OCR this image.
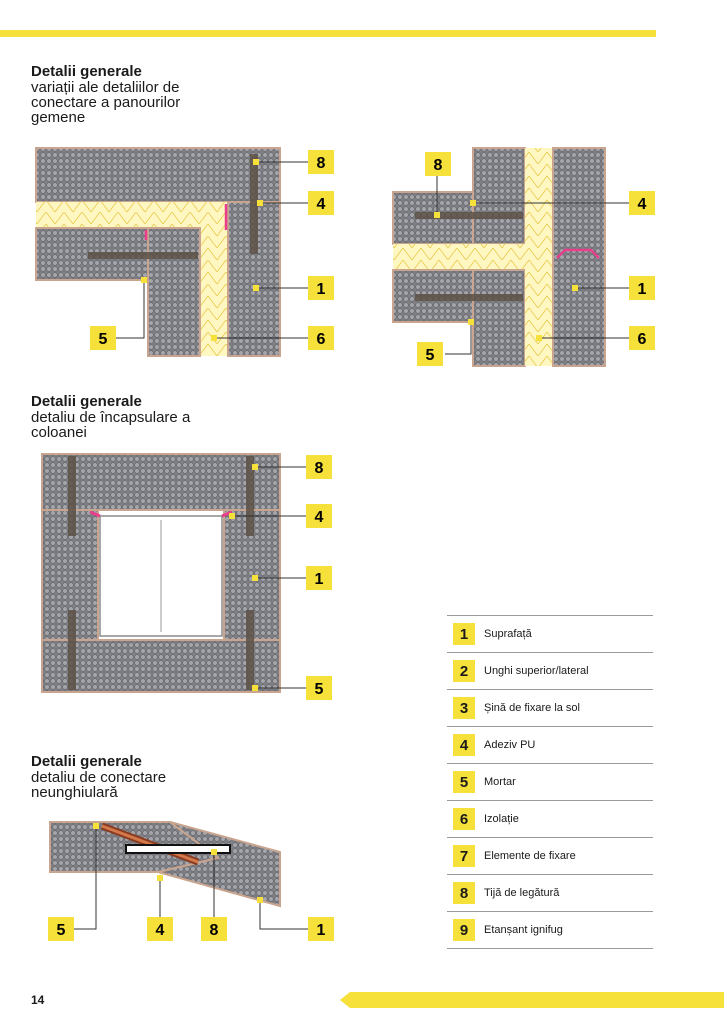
Detalii generale
variații ale detaliilor de
conectare a panourilor
gemene
8
4
1
6
5
8
4
1
6
5
Detalii generale
detaliu de încapsulare a
coloanei
8
4
1
5
Detalii generale
detaliu de conectare
neunghiulară
5	4	8	1
1	Suprafață
2	Unghi superior/lateral
3	Șină de fixare la sol
4	Adeziv PU
5	Mortar
6	Izolație
7	Elemente de fixare
8	Tijă de legătură
9	Etanșant ignifug
14
